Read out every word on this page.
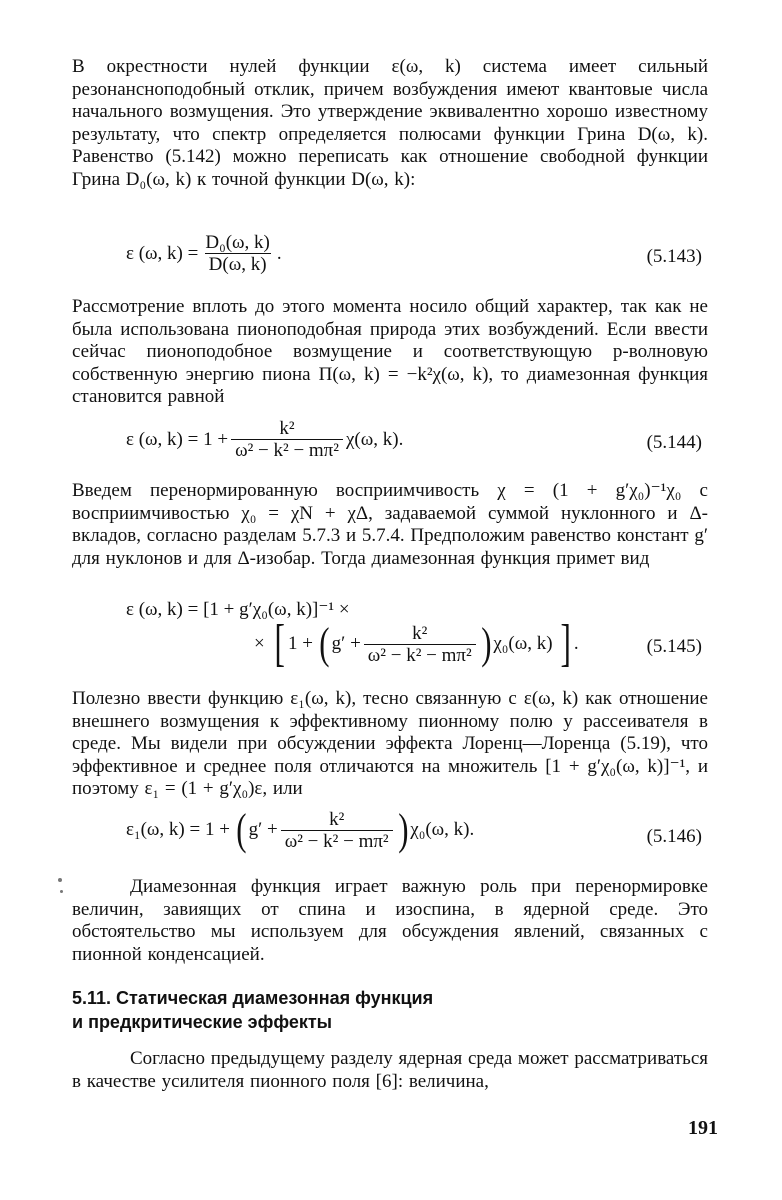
В окрестности нулей функции ε(ω, k) система имеет сильный резонансноподобный отклик, причем возбуждения имеют квантовые числа начального возмущения. Это утверждение эквивалентно хорошо известному результату, что спектр определяется полюсами функции Грина D(ω, k). Равенство (5.142) можно переписать как отношение свободной функции Грина D₀(ω, k) к точной функции D(ω, k):

ε (ω, $k) = \frac{\text{D₀(ω, k)}}{D(\omega, k)}$ .	(5.143)

Рассмотрение вплоть до этого момента носило общий характер, так как не была использована пионоподобная природа этих возбуждений. Если ввести сейчас пионоподобное возмущение и соответствующую p-волновую собственную энергию пиона Π(ω, k) = −k²χ(ω, k), то диамезонная функция становится равной

ε (ω, $k) = 1 + \frac{\text{k²}}{\text{ω² − k² − mπ²}} \chi(\omega$, k).	(5.144)

Введем перенормированную восприимчивость χ = (1 + g′χ₀)⁻¹χ₀ с восприимчивостью χ₀ = χN + χΔ, задаваемой суммой нуклонного и Δ-вкладов, согласно разделам 5.7.3 и 5.7.4. Предположим равенство констант g′ для нуклонов и для Δ-изобар. Тогда диамезонная функция примет вид

ε (ω, k) = [1 + g′χ₀(ω, k)]⁻¹ ×
× [ 1 + ( $g' + \frac{\text{k²}}{\text{ω² − k² − mπ²}}$ ) χ₀(ω, k) ] .	(5.145)

Полезно ввести функцию ε₁(ω, k), тесно связанную с ε(ω, k) как отношение внешнего возмущения к эффективному пионному полю у рассеивателя в среде. Мы видели при обсуждении эффекта Лоренц—Лоренца (5.19), что эффективное и среднее поля отличаются на множитель [1 + g′χ₀(ω, k)]⁻¹, и поэтому ε₁ = (1 + g′χ₀)ε, или

ε₁(ω, k) = 1 + ( $g' + \frac{\text{k²}}{\text{ω² − k² − mπ²}}$ ) χ₀(ω, k).	(5.146)

Диамезонная функция играет важную роль при перенормировке величин, завиящих от спина и изоспина, в ядерной среде. Это обстоятельство мы используем для обсуждения явлений, связанных с пионной конденсацией.

5.11. Статическая диамезонная функция
и предкритические эффекты

Согласно предыдущему разделу ядерная среда может рассматриваться в качестве усилителя пионного поля [6]: величина,

191
